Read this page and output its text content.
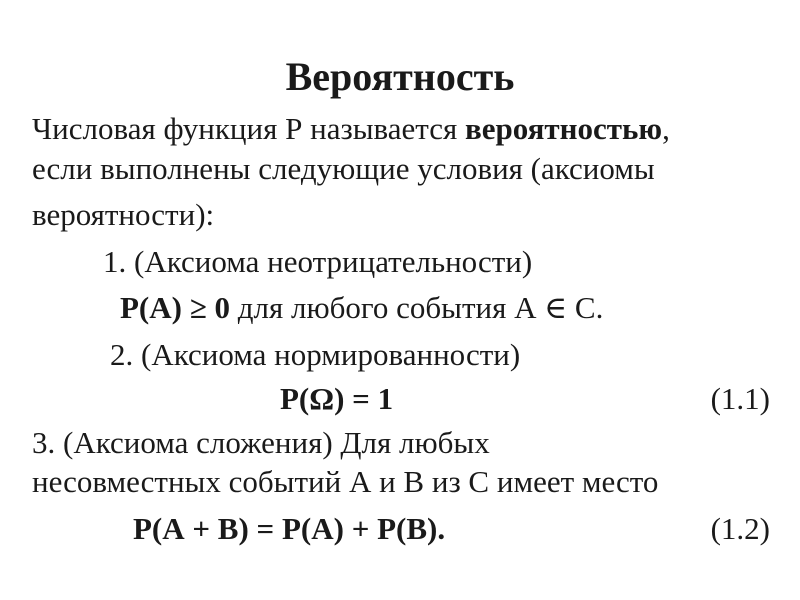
Вероятность
Числовая функция Р называется вероятностью,
если выполнены следующие условия (аксиомы
вероятности):
1. (Аксиома неотрицательности)
Р(А) ≥ 0 для любого события А ∈ С.
2. (Аксиома нормированности)
Р(Ω) = 1	(1.1)
3. (Аксиома сложения) Для любых
несовместных событий А и В из С имеет место
Р(А + В) = Р(А) + Р(В).	(1.2)
